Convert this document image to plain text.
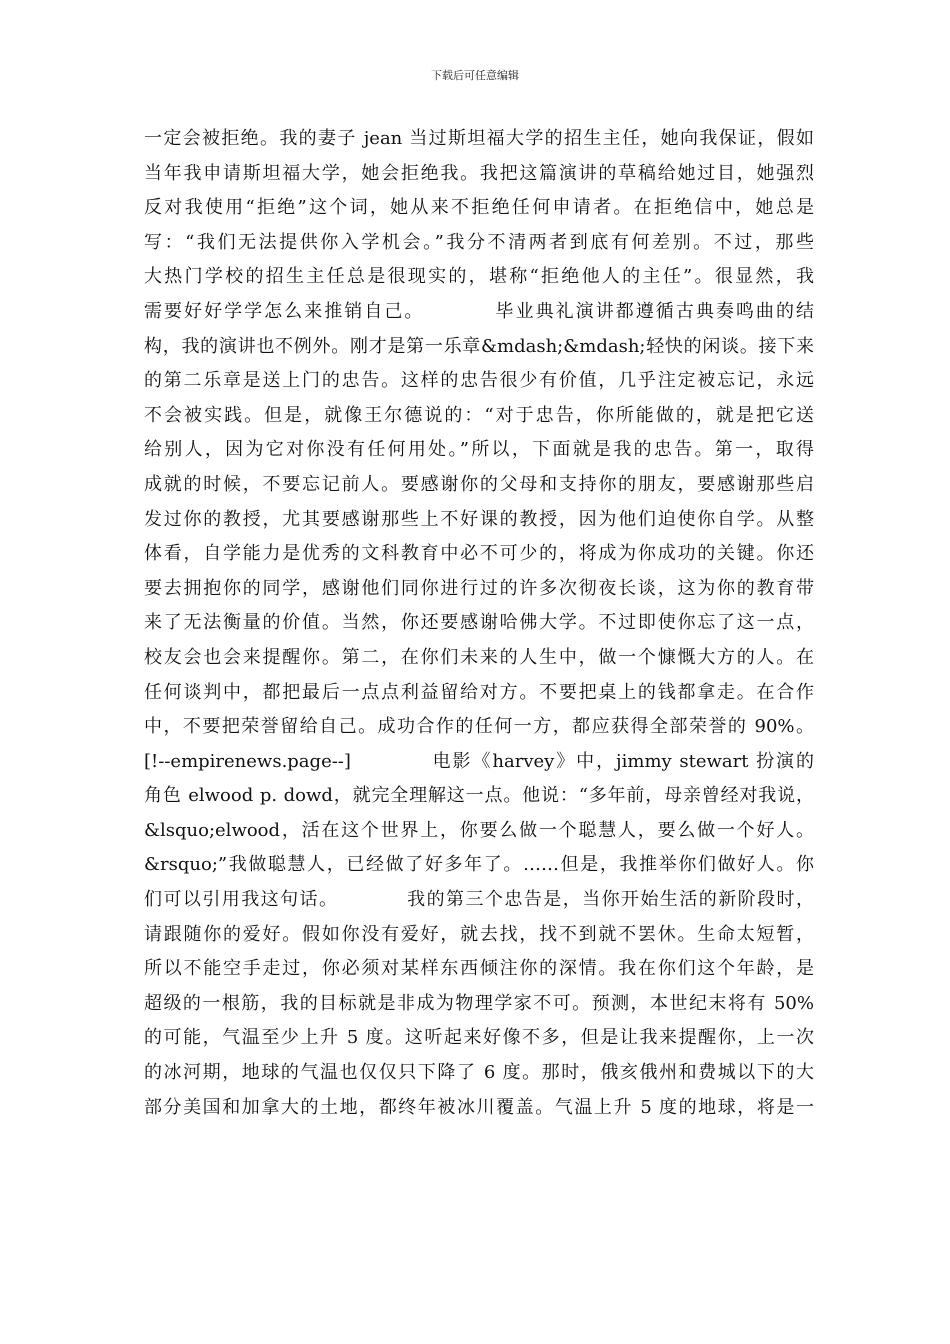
下载后可任意编辑
一定会被拒绝。我的妻子 jean 当过斯坦福大学的招生主任，她向我保证，假如
当年我申请斯坦福大学，她会拒绝我。我把这篇演讲的草稿给她过目，她强烈
反对我使用“拒绝”这个词，她从来不拒绝任何申请者。在拒绝信中，她总是
写：“我们无法提供你入学机会。”我分不清两者到底有何差别。不过，那些
大热门学校的招生主任总是很现实的，堪称“拒绝他人的主任”。很显然，我
需要好好学学怎么来推销自己。　　　　毕业典礼演讲都遵循古典奏鸣曲的结
构，我的演讲也不例外。刚才是第一乐章&mdash;&mdash;轻快的闲谈。接下来
的第二乐章是送上门的忠告。这样的忠告很少有价值，几乎注定被忘记，永远
不会被实践。但是，就像王尔德说的：“对于忠告，你所能做的，就是把它送
给别人，因为它对你没有任何用处。”所以，下面就是我的忠告。第一，取得
成就的时候，不要忘记前人。要感谢你的父母和支持你的朋友，要感谢那些启
发过你的教授，尤其要感谢那些上不好课的教授，因为他们迫使你自学。从整
体看，自学能力是优秀的文科教育中必不可少的，将成为你成功的关键。你还
要去拥抱你的同学，感谢他们同你进行过的许多次彻夜长谈，这为你的教育带
来了无法衡量的价值。当然，你还要感谢哈佛大学。不过即使你忘了这一点，
校友会也会来提醒你。第二，在你们未来的人生中，做一个慷慨大方的人。在
任何谈判中，都把最后一点点利益留给对方。不要把桌上的钱都拿走。在合作
中，不要把荣誉留给自己。成功合作的任何一方，都应获得全部荣誉的 90%。
[!--empirenews.page--]　　　　电影《harvey》中，jimmy stewart 扮演的
角色 elwood p. dowd，就完全理解这一点。他说：“多年前，母亲曾经对我说，
&lsquo;elwood，活在这个世界上，你要么做一个聪慧人，要么做一个好人。
&rsquo;”我做聪慧人，已经做了好多年了。……但是，我推举你们做好人。你
们可以引用我这句话。　　　　我的第三个忠告是，当你开始生活的新阶段时，
请跟随你的爱好。假如你没有爱好，就去找，找不到就不罢休。生命太短暂，
所以不能空手走过，你必须对某样东西倾注你的深情。我在你们这个年龄，是
超级的一根筋，我的目标就是非成为物理学家不可。预测，本世纪末将有 50%
的可能，气温至少上升 5 度。这听起来好像不多，但是让我来提醒你，上一次
的冰河期，地球的气温也仅仅只下降了 6 度。那时，俄亥俄州和费城以下的大
部分美国和加拿大的土地，都终年被冰川覆盖。气温上升 5 度的地球，将是一
